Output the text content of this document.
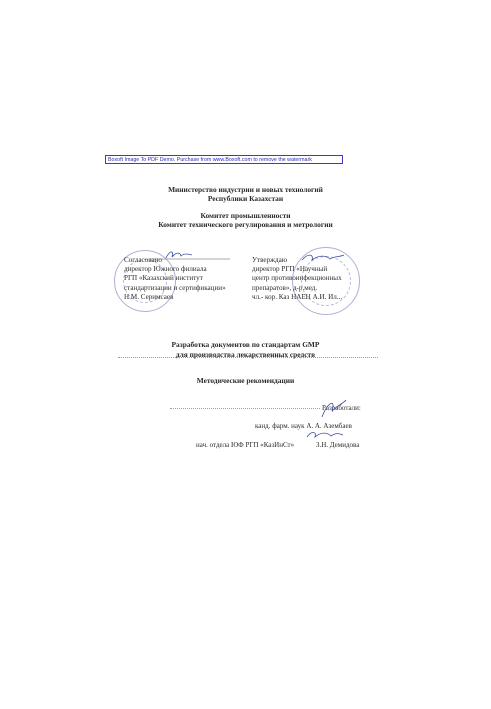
Boxoft Image To PDF Demo. Purchase from www.Boxoft.com to remove the watermark
Министерство индустрии и новых технологий
Республики Казахстан
Комитет промышленности
Комитет технического регулирования и метрологии
Согласовано
директор Южного филиала
РГП «Казахский институт
стандартизации и сертификации»
Н.М. Серимсаев
Утверждаю
директор РГП «Научный
центр противоинфекционных
препаратов», д-р.мед.
чл.- кор. Каз НАЕН А.И. Ил...
Разработка документов по стандартам GMP
для производства лекарственных средств
Методические рекомендации
Разработали:
канд. фарм. наук А. А. Азембаев
нач. отдела ЮФ РГП «КазИнСт»	З.Н. Демидова
